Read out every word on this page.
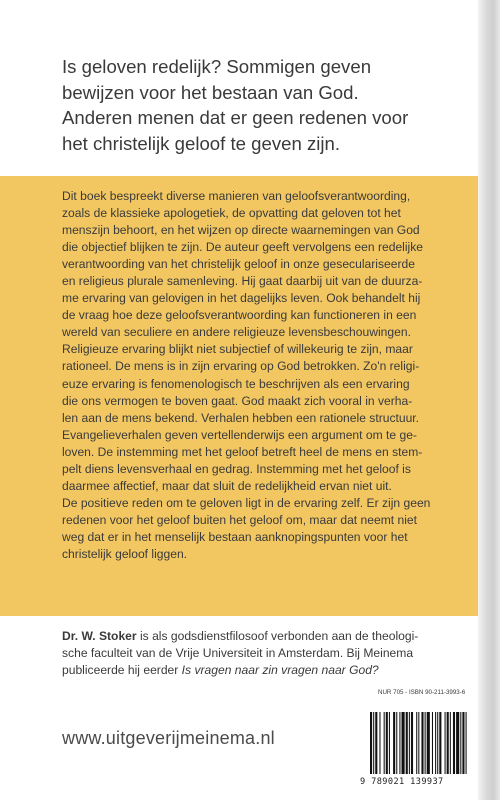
Is geloven redelijk? Sommigen geven
bewijzen voor het bestaan van God.
Anderen menen dat er geen redenen voor
het christelijk geloof te geven zijn.

Dit boek bespreekt diverse manieren van geloofsverantwoording,
zoals de klassieke apologetiek, de opvatting dat geloven tot het
menszijn behoort, en het wijzen op directe waarnemingen van God
die objectief blijken te zijn. De auteur geeft vervolgens een redelijke
verantwoording van het christelijk geloof in onze geseculariseerde
en religieus plurale samenleving. Hij gaat daarbij uit van de duurza-
me ervaring van gelovigen in het dagelijks leven. Ook behandelt hij
de vraag hoe deze geloofsverantwoording kan functioneren in een
wereld van seculiere en andere religieuze levensbeschouwingen.
Religieuze ervaring blijkt niet subjectief of willekeurig te zijn, maar
rationeel. De mens is in zijn ervaring op God betrokken. Zo'n religi-
euze ervaring is fenomenologisch te beschrijven als een ervaring
die ons vermogen te boven gaat. God maakt zich vooral in verha-
len aan de mens bekend. Verhalen hebben een rationele structuur.
Evangelieverhalen geven vertellenderwijs een argument om te ge-
loven. De instemming met het geloof betreft heel de mens en stem-
pelt diens levensverhaal en gedrag. Instemming met het geloof is
daarmee affectief, maar dat sluit de redelijkheid ervan niet uit.
De positieve reden om te geloven ligt in de ervaring zelf. Er zijn geen
redenen voor het geloof buiten het geloof om, maar dat neemt niet
weg dat er in het menselijk bestaan aanknopingspunten voor het
christelijk geloof liggen.

Dr. W. Stoker is als godsdienstfilosoof verbonden aan de theologi-
sche faculteit van de Vrije Universiteit in Amsterdam. Bij Meinema
publiceerde hij eerder Is vragen naar zin vragen naar God?

NUR 705 - ISBN 90-211-3993-6
www.uitgeverijmeinema.nl
9 789021 139937
